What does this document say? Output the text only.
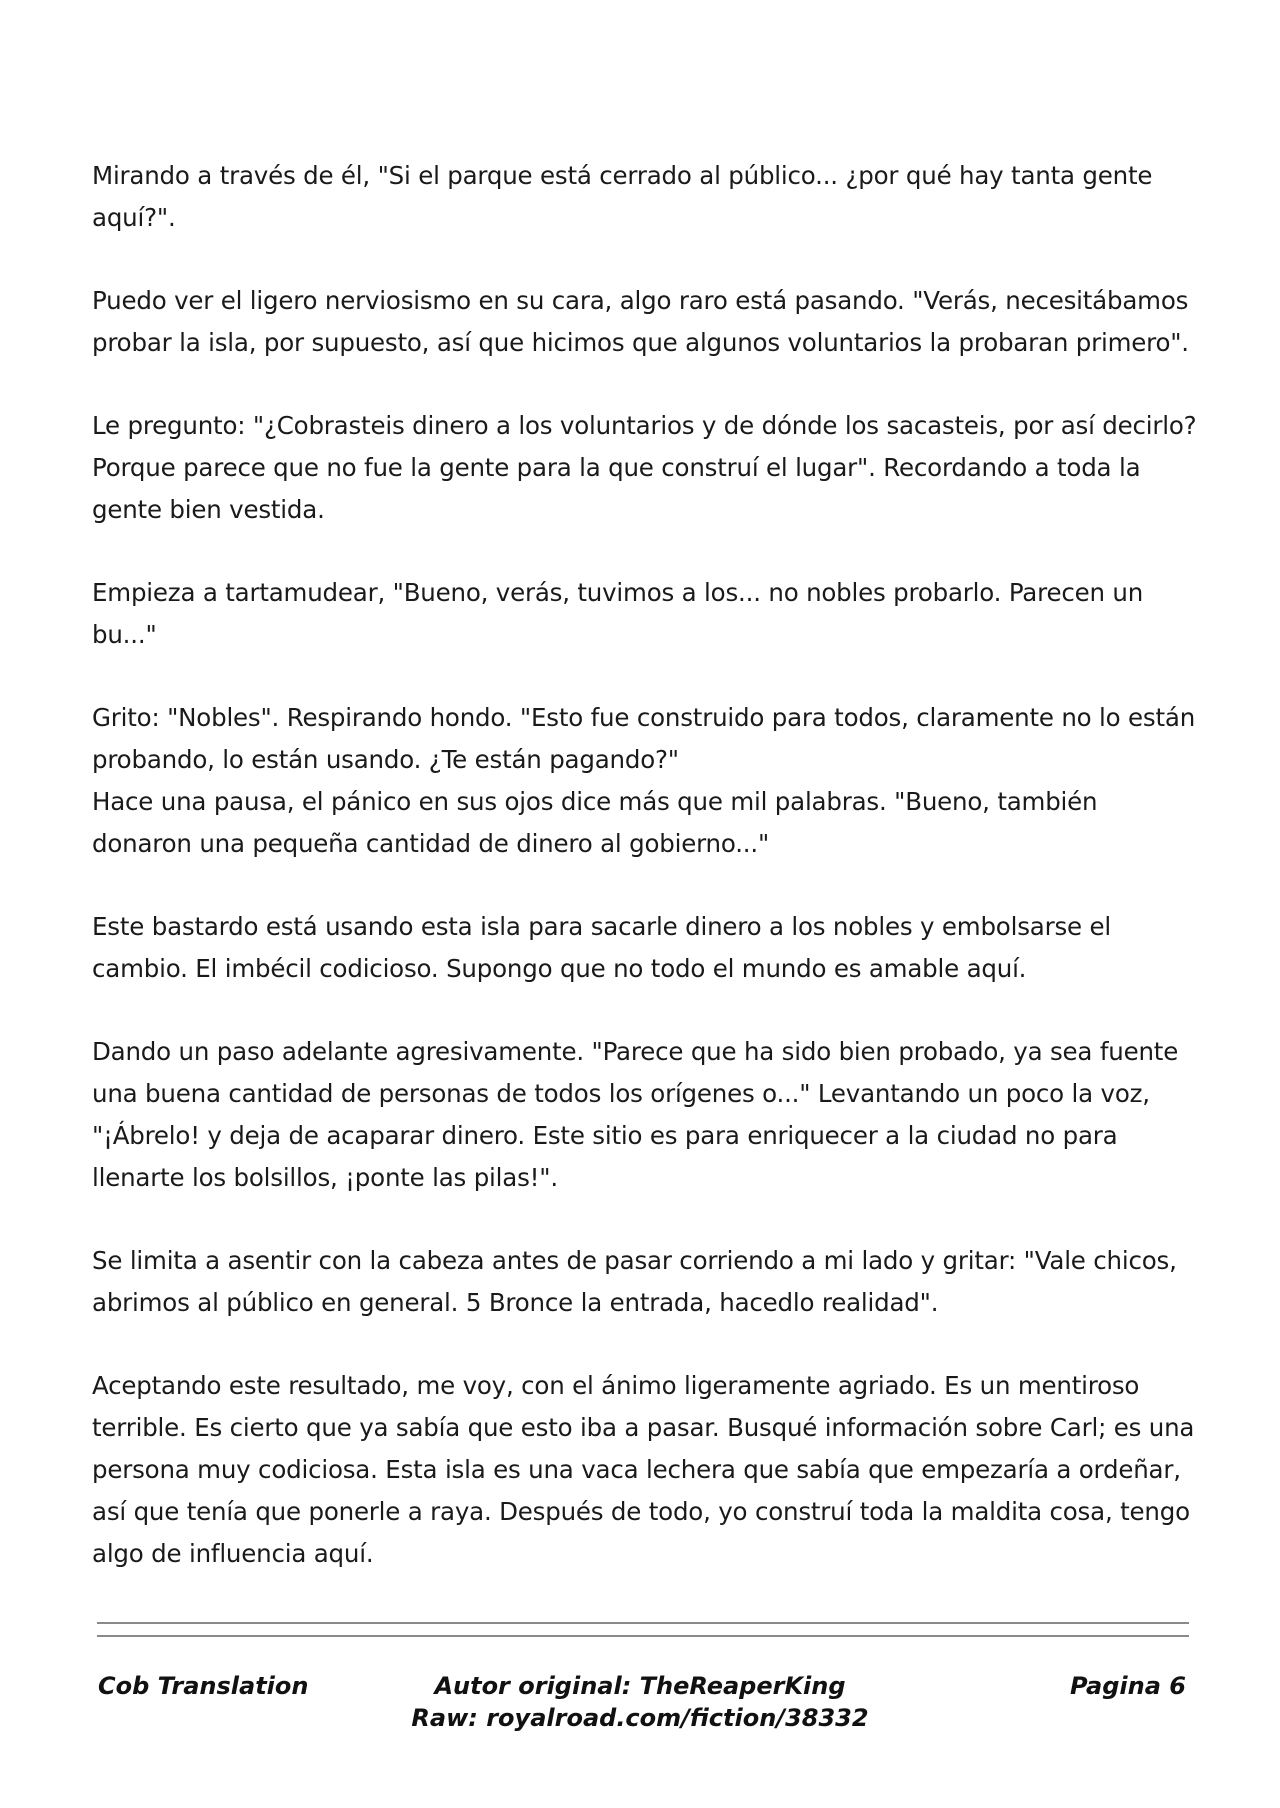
Mirando a través de él, "Si el parque está cerrado al público... ¿por qué hay tanta gente aquí?".

Puedo ver el ligero nerviosismo en su cara, algo raro está pasando. "Verás, necesitábamos probar la isla, por supuesto, así que hicimos que algunos voluntarios la probaran primero".

Le pregunto: "¿Cobrasteis dinero a los voluntarios y de dónde los sacasteis, por así decirlo? Porque parece que no fue la gente para la que construí el lugar". Recordando a toda la gente bien vestida.

Empieza a tartamudear, "Bueno, verás, tuvimos a los... no nobles probarlo. Parecen un bu..."

Grito: "Nobles". Respirando hondo. "Esto fue construido para todos, claramente no lo están probando, lo están usando. ¿Te están pagando?"

Hace una pausa, el pánico en sus ojos dice más que mil palabras. "Bueno, también donaron una pequeña cantidad de dinero al gobierno..."

Este bastardo está usando esta isla para sacarle dinero a los nobles y embolsarse el cambio. El imbécil codicioso. Supongo que no todo el mundo es amable aquí.

Dando un paso adelante agresivamente. "Parece que ha sido bien probado, ya sea fuente una buena cantidad de personas de todos los orígenes o..." Levantando un poco la voz, "¡Ábrelo! y deja de acaparar dinero. Este sitio es para enriquecer a la ciudad no para llenarte los bolsillos, ¡ponte las pilas!".

Se limita a asentir con la cabeza antes de pasar corriendo a mi lado y gritar: "Vale chicos, abrimos al público en general. 5 Bronce la entrada, hacedlo realidad".

Aceptando este resultado, me voy, con el ánimo ligeramente agriado. Es un mentiroso terrible. Es cierto que ya sabía que esto iba a pasar. Busqué información sobre Carl; es una persona muy codiciosa. Esta isla es una vaca lechera que sabía que empezaría a ordeñar, así que tenía que ponerle a raya. Después de todo, yo construí toda la maldita cosa, tengo algo de influencia aquí.

Cob Translation	Autor original: TheReaperKing
Raw: royalroad.com/fiction/38332
Pagina 6
